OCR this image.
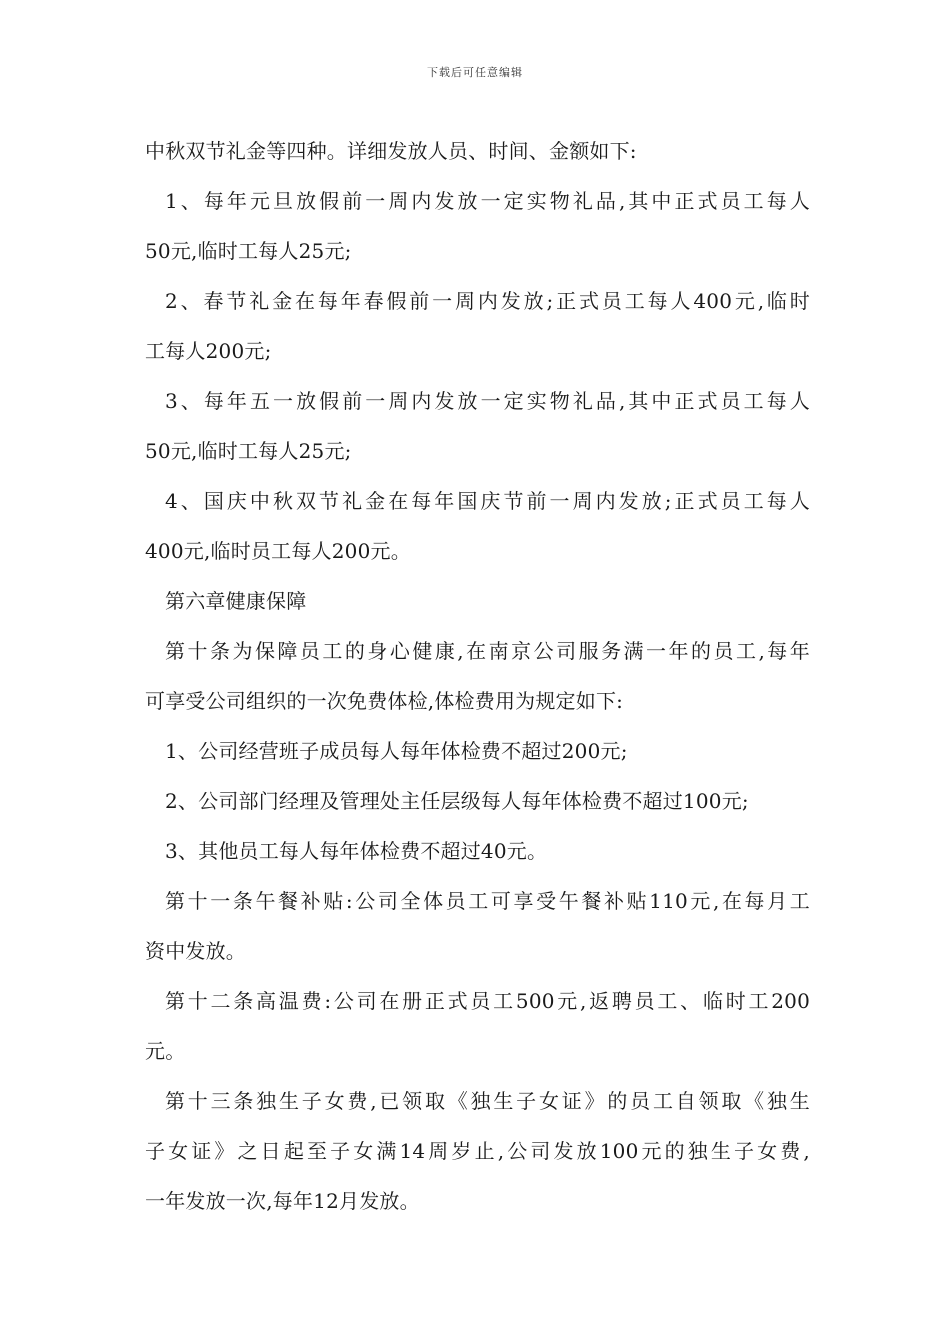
下载后可任意编辑
中秋双节礼金等四种。详细发放人员、时间、金额如下:
1、每年元旦放假前一周内发放一定实物礼品,其中正式员工每人
50元,临时工每人25元;
2、春节礼金在每年春假前一周内发放;正式员工每人400元,临时
工每人200元;
3、每年五一放假前一周内发放一定实物礼品,其中正式员工每人
50元,临时工每人25元;
4、国庆中秋双节礼金在每年国庆节前一周内发放;正式员工每人
400元,临时员工每人200元。
第六章健康保障
第十条为保障员工的身心健康,在南京公司服务满一年的员工,每年
可享受公司组织的一次免费体检,体检费用为规定如下:
1、公司经营班子成员每人每年体检费不超过200元;
2、公司部门经理及管理处主任层级每人每年体检费不超过100元;
3、其他员工每人每年体检费不超过40元。
第十一条午餐补贴:公司全体员工可享受午餐补贴110元,在每月工
资中发放。
第十二条高温费:公司在册正式员工500元,返聘员工、临时工200
元。
第十三条独生子女费,已领取《独生子女证》的员工自领取《独生
子女证》之日起至子女满14周岁止,公司发放100元的独生子女费,
一年发放一次,每年12月发放。
